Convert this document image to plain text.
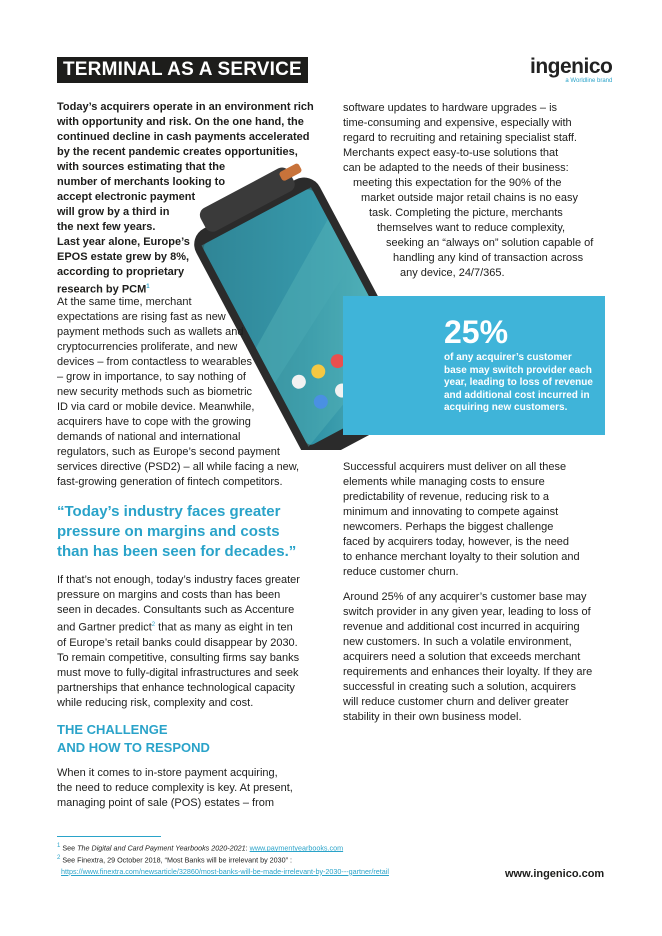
TERMINAL AS A SERVICE	ingenico
a Worldline brand
Today’s acquirers operate in an environment rich
with opportunity and risk. On the one hand, the
continued decline in cash payments accelerated
by the recent pandemic creates opportunities,
with sources estimating that the
number of merchants looking to
accept electronic payment
will grow by a third in
the next few years.
Last year alone, Europe’s
EPOS estate grew by 8%,
according to proprietary
research by PCM$^1$
At the same time, merchant
expectations are rising fast as new
payment methods such as wallets and
cryptocurrencies proliferate, and new
devices – from contactless to wearables
– grow in importance, to say nothing of
new security methods such as biometric
ID via card or mobile device. Meanwhile,
acquirers have to cope with the growing
demands of national and international
regulators, such as Europe’s second payment
services directive (PSD2) – all while facing a new,
fast-growing generation of fintech competitors.
“Today’s industry faces greater
pressure on margins and costs
than has been seen for decades.”
If that’s not enough, today’s industry faces greater
pressure on margins and costs than has been
seen in decades. Consultants such as Accenture
and Gartner predict$^2$ that as many as eight in ten
of Europe’s retail banks could disappear by 2030.
To remain competitive, consulting firms say banks
must move to fully-digital infrastructures and seek
partnerships that enhance technological capacity
while reducing risk, complexity and cost.
THE CHALLENGE
AND HOW TO RESPOND
When it comes to in-store payment acquiring,
the need to reduce complexity is key. At present,
managing point of sale (POS) estates – from
software updates to hardware upgrades – is
time-consuming and expensive, especially with
regard to recruiting and retaining specialist staff.
Merchants expect easy-to-use solutions that
can be adapted to the needs of their business:
meeting this expectation for the 90% of the
market outside major retail chains is no easy
task. Completing the picture, merchants
themselves want to reduce complexity,
seeking an “always on” solution capable of
handling any kind of transaction across
any device, 24/7/365.
25%
of any acquirer’s customer
base may switch provider each
year, leading to loss of revenue
and additional cost incurred in
acquiring new customers.
Successful acquirers must deliver on all these
elements while managing costs to ensure
predictability of revenue, reducing risk to a
minimum and innovating to compete against
newcomers. Perhaps the biggest challenge
faced by acquirers today, however, is the need
to enhance merchant loyalty to their solution and
reduce customer churn.
Around 25% of any acquirer’s customer base may
switch provider in any given year, leading to loss of
revenue and additional cost incurred in acquiring
new customers. In such a volatile environment,
acquirers need a solution that exceeds merchant
requirements and enhances their loyalty. If they are
successful in creating such a solution, acquirers
will reduce customer churn and deliver greater
stability in their own business model.
$^1$ See The Digital and Card Payment Yearbooks 2020-2021: www.paymentyearbooks.com
$^2$ See Finextra, 29 October 2018, “Most Banks will be irrelevant by 2030” :
https://www.finextra.com/newsarticle/32860/most-banks-will-be-made-irrelevant-by-2030---gartner/retail	www.ingenico.com
